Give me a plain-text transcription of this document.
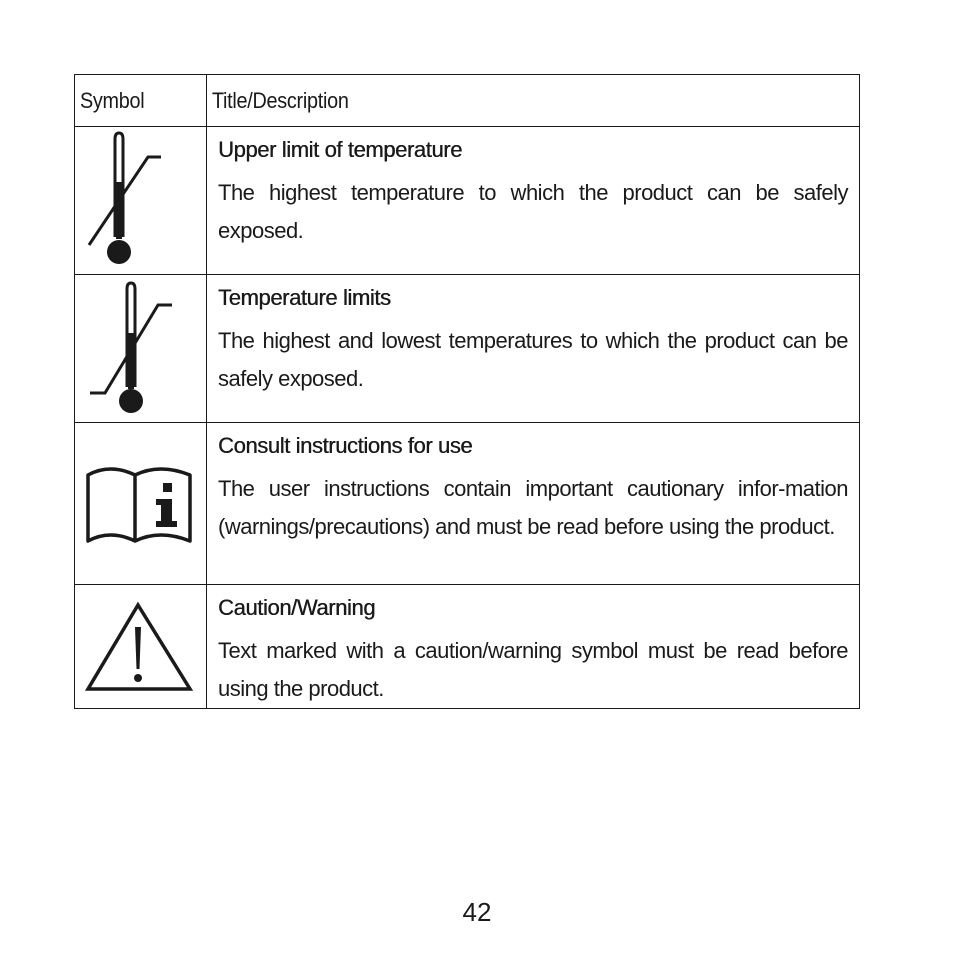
Symbol	Title/Description

Upper limit of temperature

The highest temperature to which the product can be safely exposed.

Temperature limits

The highest and lowest temperatures to which the product can be safely exposed.

Consult instructions for use

The user instructions contain important cautionary infor-mation (warnings/precautions) and must be read before using the product.

Caution/Warning

Text marked with a caution/warning symbol must be read before using the product.

42
